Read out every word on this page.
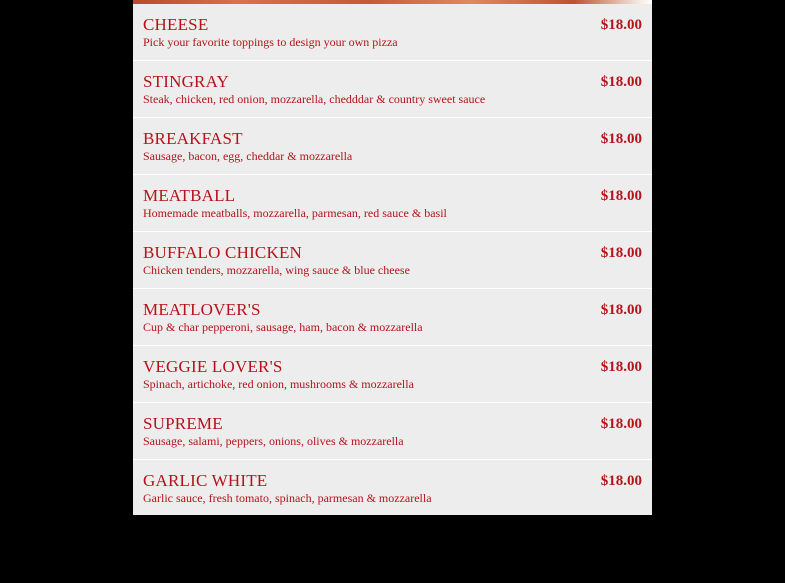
CHEESE
Pick your favorite toppings to design your own pizza
$18.00
STINGRAY
Steak, chicken, red onion, mozzarella, chedddar & country sweet sauce
$18.00
BREAKFAST
Sausage, bacon, egg, cheddar & mozzarella
$18.00
MEATBALL
Homemade meatballs, mozzarella, parmesan, red sauce & basil
$18.00
BUFFALO CHICKEN
Chicken tenders, mozzarella, wing sauce & blue cheese
$18.00
MEATLOVER'S
Cup & char pepperoni, sausage, ham, bacon & mozzarella
$18.00
VEGGIE LOVER'S
Spinach, artichoke, red onion, mushrooms & mozzarella
$18.00
SUPREME
Sausage, salami, peppers, onions, olives & mozzarella
$18.00
GARLIC WHITE
Garlic sauce, fresh tomato, spinach, parmesan & mozzarella
$18.00
